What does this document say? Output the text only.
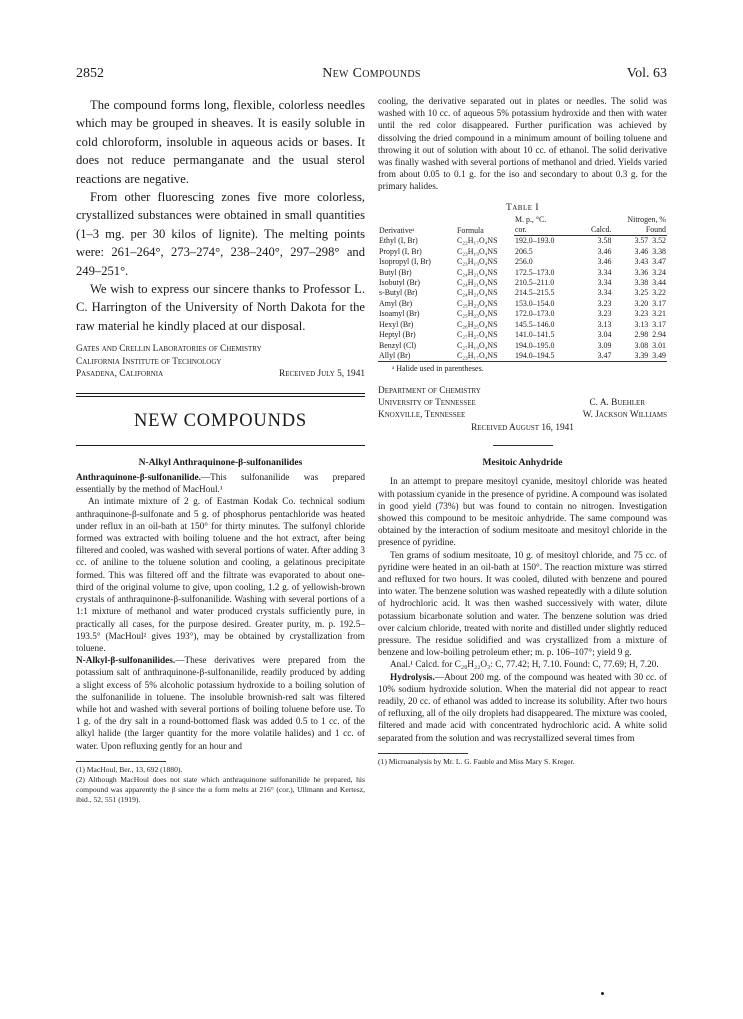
2852	New Compounds	Vol. 63

The compound forms long, flexible, colorless needles which may be grouped in sheaves. It is easily soluble in cold chloroform, insoluble in aqueous acids or bases. It does not reduce permanganate and the usual sterol reactions are negative.

From other fluorescing zones five more colorless, crystallized substances were obtained in small quantities (1–3 mg. per 30 kilos of lignite). The melting points were: 261–264°, 273–274°, 238–240°, 297–298° and 249–251°.

We wish to express our sincere thanks to Professor L. C. Harrington of the University of North Dakota for the raw material he kindly placed at our disposal.

Gates and Crellin Laboratories of Chemistry
California Institute of Technology
Pasadena, California	Received July 5, 1941
NEW COMPOUNDS
N-Alkyl Anthraquinone-β-sulfonanilides

Anthraquinone-β-sulfonanilide.—This sulfonanilide was prepared essentially by the method of MacHoul.¹

An intimate mixture of 2 g. of Eastman Kodak Co. technical sodium anthraquinone-β-sulfonate and 5 g. of phosphorus pentachloride was heated under reflux in an oil-bath at 150° for thirty minutes. The sulfonyl chloride formed was extracted with boiling toluene and the hot extract, after being filtered and cooled, was washed with several portions of water. After adding 3 cc. of aniline to the toluene solution and cooling, a gelatinous precipitate formed. This was filtered off and the filtrate was evaporated to about one-third of the original volume to give, upon cooling, 1.2 g. of yellowish-brown crystals of anthraquinone-β-sulfonanilide. Washing with several portions of a 1:1 mixture of methanol and water produced crystals sufficiently pure, in practically all cases, for the purpose desired. Greater purity, m. p. 192.5–193.5° (MacHoul² gives 193°), may be obtained by crystallization from toluene.

N-Alkyl-β-sulfonanilides.—These derivatives were prepared from the potassium salt of anthraquinone-β-sulfonanilide, readily produced by adding a slight excess of 5% alcoholic potassium hydroxide to a boiling solution of the sulfonanilide in toluene. The insoluble brownish-red salt was filtered while hot and washed with several portions of boiling toluene before use. To 1 g. of the dry salt in a round-bottomed flask was added 0.5 to 1 cc. of the alkyl halide (the larger quantity for the more volatile halides) and 1 cc. of water. Upon refluxing gently for an hour and

(1) MacHoul, Ber., 13, 692 (1880).

(2) Although MacHoul does not state which anthraquinone sulfonanilide he prepared, his compound was apparently the β since the α form melts at 216° (cor.), Ullmann and Kertesz, ibid., 52, 551 (1919).

cooling, the derivative separated out in plates or needles. The solid was washed with 10 cc. of aqueous 5% potassium hydroxide and then with water until the red color disappeared. Further purification was achieved by dissolving the dried compound in a minimum amount of boiling toluene and throwing it out of solution with about 10 cc. of ethanol. The solid derivative was finally washed with several portions of methanol and dried. Yields varied from about 0.05 to 0.1 g. for the iso and secondary to about 0.3 g. for the primary halides.

Table I
Derivativeᵃ	Formula	M. p., °C.	Nitrogen, %	
		cor.	Calcd.	Found
Ethyl (I, Br)	C₂₂H₁₇O₄NS	192.0–193.0	3.58	3.57  3.52
Propyl (I, Br)	C₂₃H₁₉O₄NS	206.5	3.46	3.46  3.38
Isopropyl (I, Br)	C₂₃H₁₉O₄NS	256.0	3.46	3.43  3.47
Butyl (Br)	C₂₄H₂₁O₄NS	172.5–173.0	3.34	3.36  3.24
Isobutyl (Br)	C₂₄H₂₁O₄NS	210.5–211.0	3.34	3.38  3.44
s-Butyl (Br)	C₂₄H₂₁O₄NS	214.5–215.5	3.34	3.25  3.22
Amyl (Br)	C₂₅H₂₃O₄NS	153.0–154.0	3.23	3.20  3.17
Isoamyl (Br)	C₂₅H₂₃O₄NS	172.0–173.0	3.23	3.23  3.21
Hexyl (Br)	C₂₆H₂₅O₄NS	145.5–146.0	3.13	3.13  3.17
Heptyl (Br)	C₂₇H₂₇O₄NS	141.0–141.5	3.04	2.98  2.94
Benzyl (Cl)	C₂₇H₁₉O₄NS	194.0–195.0	3.09	3.08  3.01
Allyl (Br)	C₂₃H₁₇O₄NS	194.0–194.5	3.47	3.39  3.49
ᵃ Halide used in parentheses.
Department of Chemistry
University of Tennessee	C. A. Buehler
Knoxville, Tennessee	W. Jackson Williams
Received August 16, 1941
Mesitoic Anhydride

In an attempt to prepare mesitoyl cyanide, mesitoyl chloride was heated with potassium cyanide in the presence of pyridine. A compound was isolated in good yield (73%) but was found to contain no nitrogen. Investigation showed this compound to be mesitoic anhydride. The same compound was obtained by the interaction of sodium mesitoate and mesitoyl chloride in the presence of pyridine.

Ten grams of sodium mesitoate, 10 g. of mesitoyl chloride, and 75 cc. of pyridine were heated in an oil-bath at 150°. The reaction mixture was stirred and refluxed for two hours. It was cooled, diluted with benzene and poured into water. The benzene solution was washed repeatedly with a dilute solution of hydrochloric acid. It was then washed successively with water, dilute potassium bicarbonate solution and water. The benzene solution was dried over calcium chloride, treated with norite and distilled under slightly reduced pressure. The residue solidified and was crystallized from a mixture of benzene and low-boiling petroleum ether; m. p. 106–107°; yield 9 g.

Anal.¹ Calcd. for C₂₀H₂₂O₃: C, 77.42; H, 7.10. Found: C, 77.69; H, 7.20.

Hydrolysis.—About 200 mg. of the compound was heated with 30 cc. of 10% sodium hydroxide solution. When the material did not appear to react readily, 20 cc. of ethanol was added to increase its solubility. After two hours of refluxing, all of the oily droplets had disappeared. The mixture was cooled, filtered and made acid with concentrated hydrochloric acid. A white solid separated from the solution and was recrystallized several times from

(1) Microanalysis by Mr. L. G. Fauble and Miss Mary S. Kreger.
